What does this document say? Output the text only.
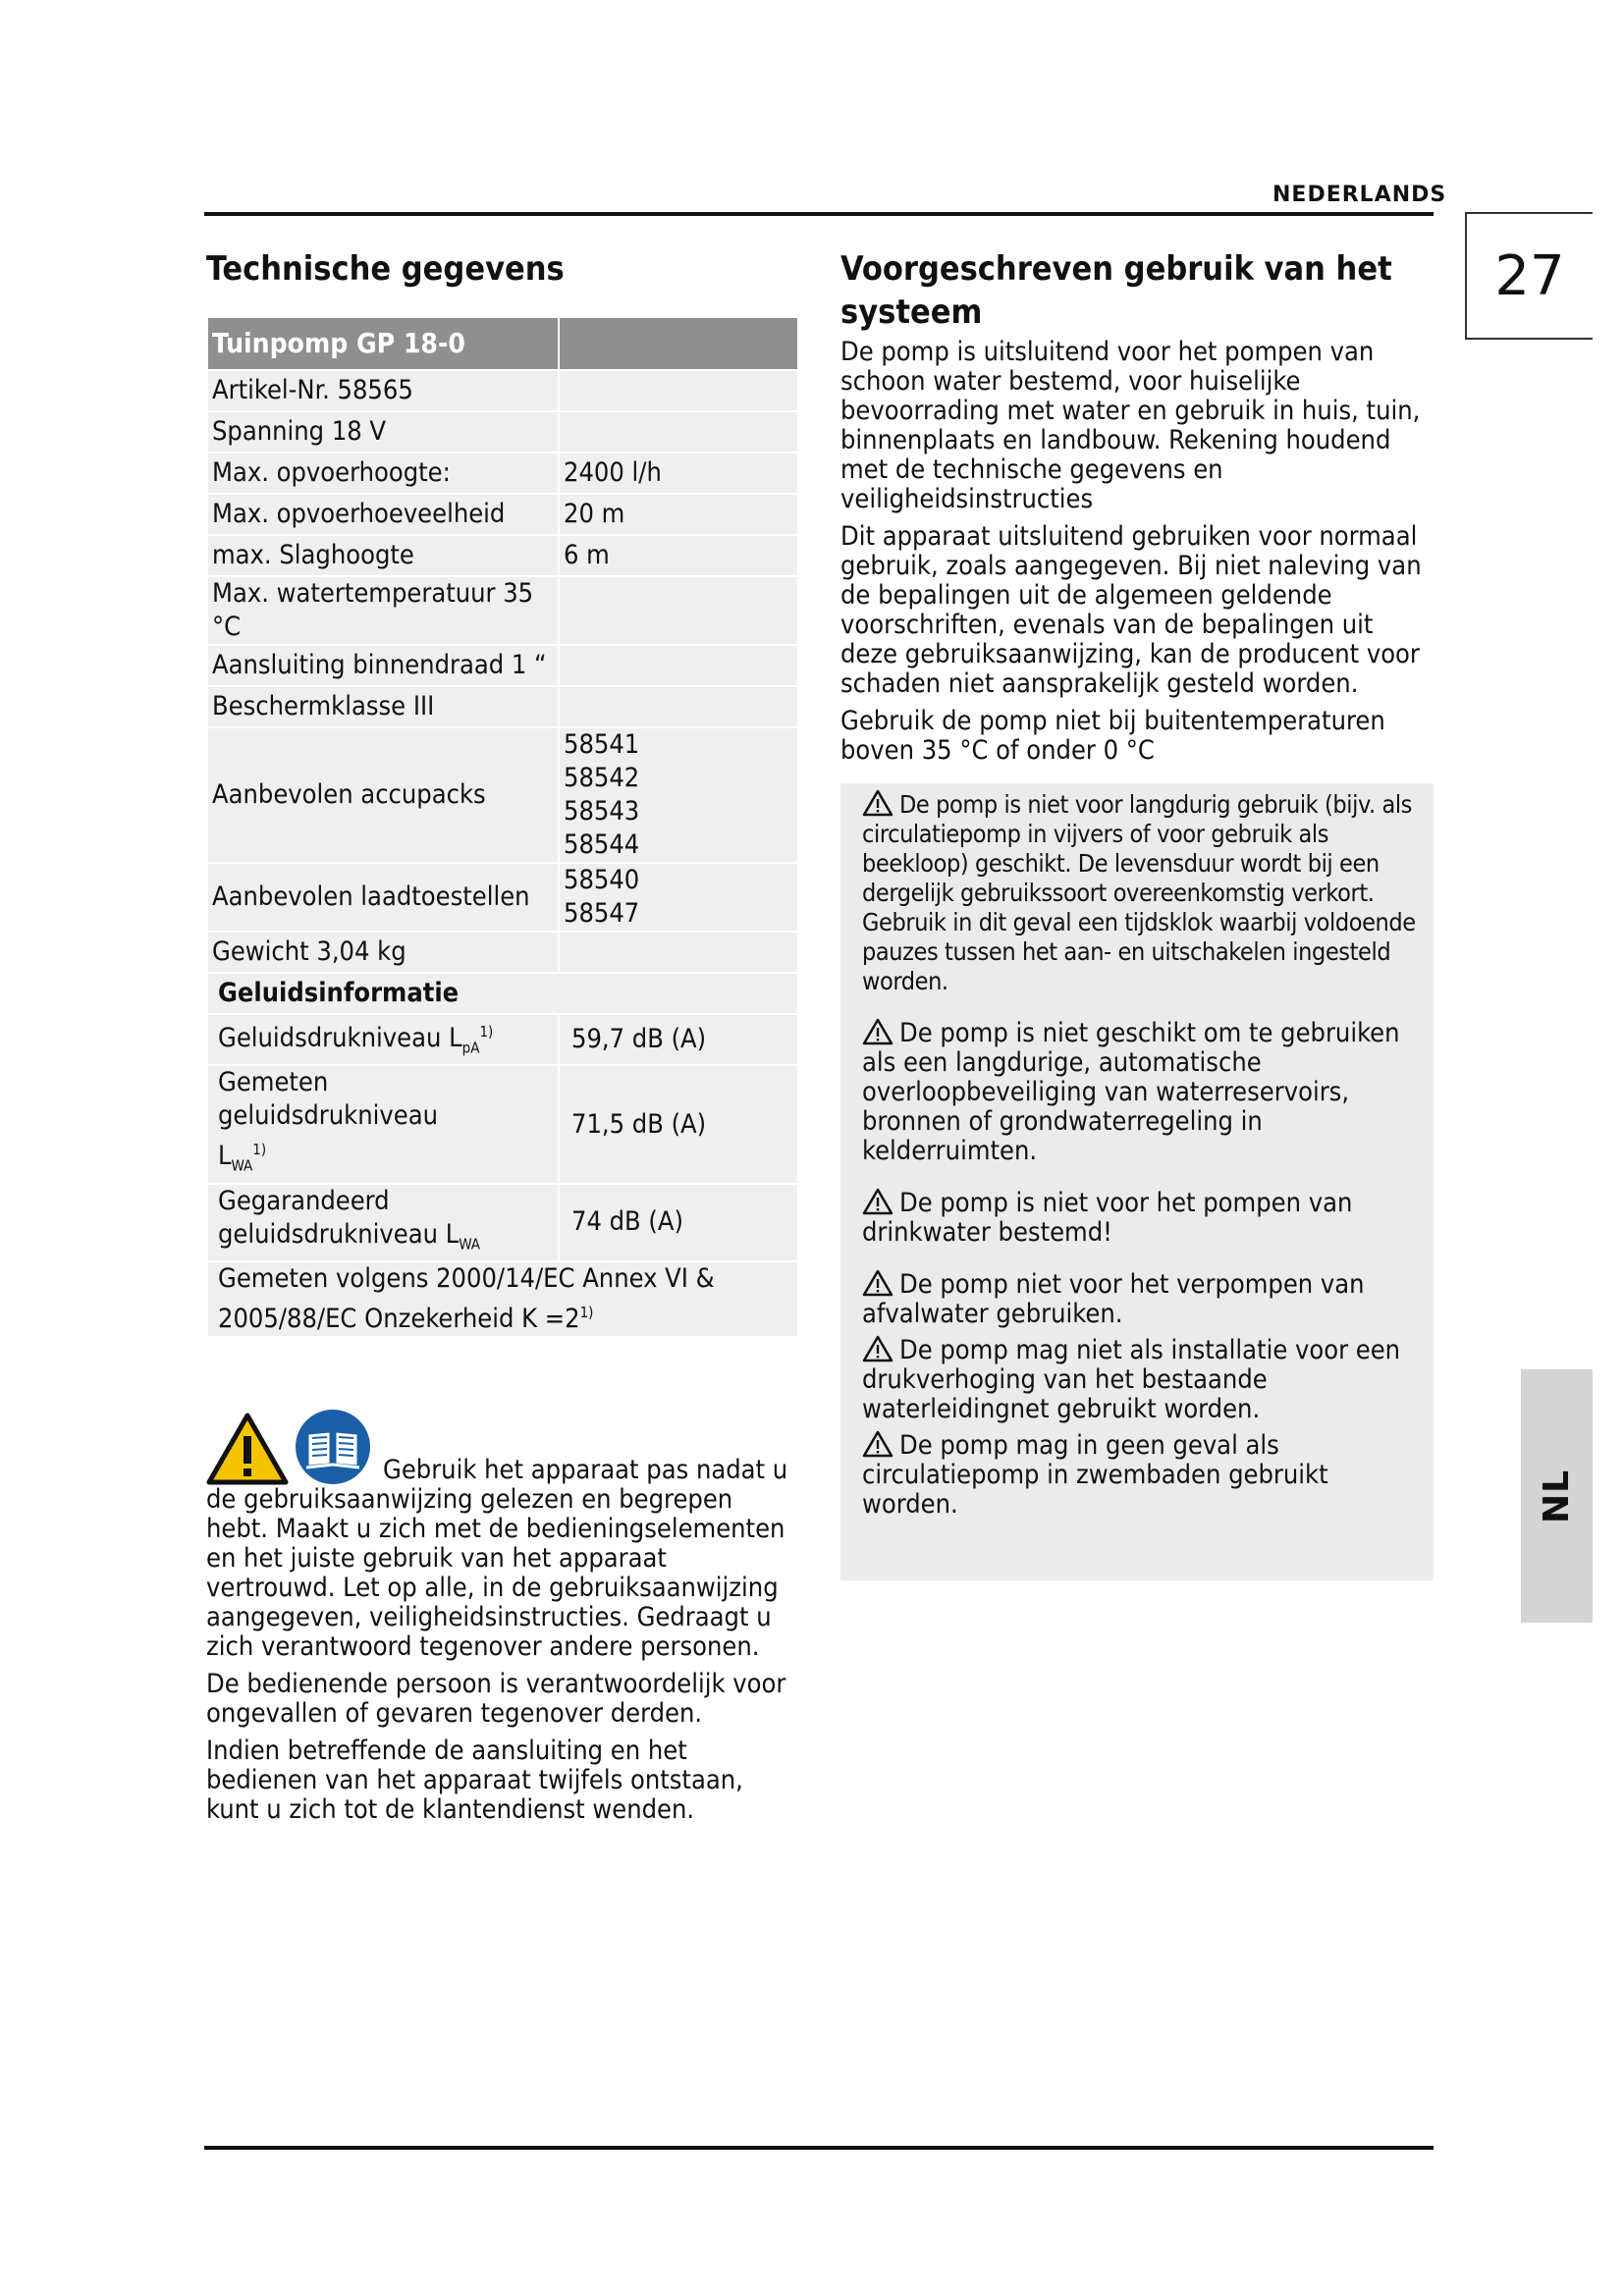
NEDERLANDS
27
NL
Technische gegevens
Tuinpomp GP 18-0	
Artikel-Nr. 58565	
Spanning 18 V	
Max. opvoerhoogte:	2400 l/h
Max. opvoerhoeveelheid	20 m
max. Slaghoogte	6 m
Max. watertemperatuur 35 °C	
Aansluiting binnendraad 1 “	
Beschermklasse III	
Aanbevolen accupacks	58541
58542
58543
58544

Aanbevolen laadtoestellen	58540
58547

Gewicht 3,04 kg	
Geluidsinformatie	
Geluidsdrukniveau $L_{pA}^{1)}$	59,7 dB (A)

Gemeten geluidsdrukniveau
$L_{WA}^{1)}$	71,5 dB (A)

Gegarandeerd
geluidsdrukniveau $L_{WA}$	74 dB (A)

Gemeten volgens 2000/14/EC Annex VI &
2005/88/EC Onzekerheid $K =2^{1)}$

Gebruik het apparaat pas nadat u de gebruiksaanwijzing gelezen en begrepen hebt. Maakt u zich met de bedieningselementen en het juiste gebruik van het apparaat vertrouwd. Let op alle, in de gebruiksaanwijzing aangegeven, veiligheidsinstructies. Gedraagt u zich verantwoord tegenover andere personen.

De bedienende persoon is verantwoordelijk voor ongevallen of gevaren tegenover derden.

Indien betreffende de aansluiting en het bedienen van het apparaat twijfels ontstaan, kunt u zich tot de klantendienst wenden.

Voorgeschreven gebruik van het systeem

De pomp is uitsluitend voor het pompen van schoon water bestemd, voor huiselijke bevoorrading met water en gebruik in huis, tuin, binnenplaats en landbouw. Rekening houdend met de technische gegevens en veiligheidsinstructies

Dit apparaat uitsluitend gebruiken voor normaal gebruik, zoals aangegeven. Bij niet naleving van de bepalingen uit de algemeen geldende voorschriften, evenals van de bepalingen uit deze gebruiksaanwijzing, kan de producent voor schaden niet aansprakelijk gesteld worden.

Gebruik de pomp niet bij buitentemperaturen boven 35 °C of onder 0 °C

De pomp is niet voor langdurig gebruik (bijv. als circulatiepomp in vijvers of voor gebruik als beekloop) geschikt. De levensduur wordt bij een dergelijk gebruikssoort overeenkomstig verkort. Gebruik in dit geval een tijdsklok waarbij voldoende pauzes tussen het aan- en uitschakelen ingesteld worden.

De pomp is niet geschikt om te gebruiken als een langdurige, automatische overloopbeveiliging van waterreservoirs, bronnen of grondwaterregeling in kelderruimten.

De pomp is niet voor het pompen van drinkwater bestemd!

De pomp niet voor het verpompen van afvalwater gebruiken.

De pomp mag niet als installatie voor een drukverhoging van het bestaande waterleidingnet gebruikt worden.

De pomp mag in geen geval als circulatiepomp in zwembaden gebruikt worden.
